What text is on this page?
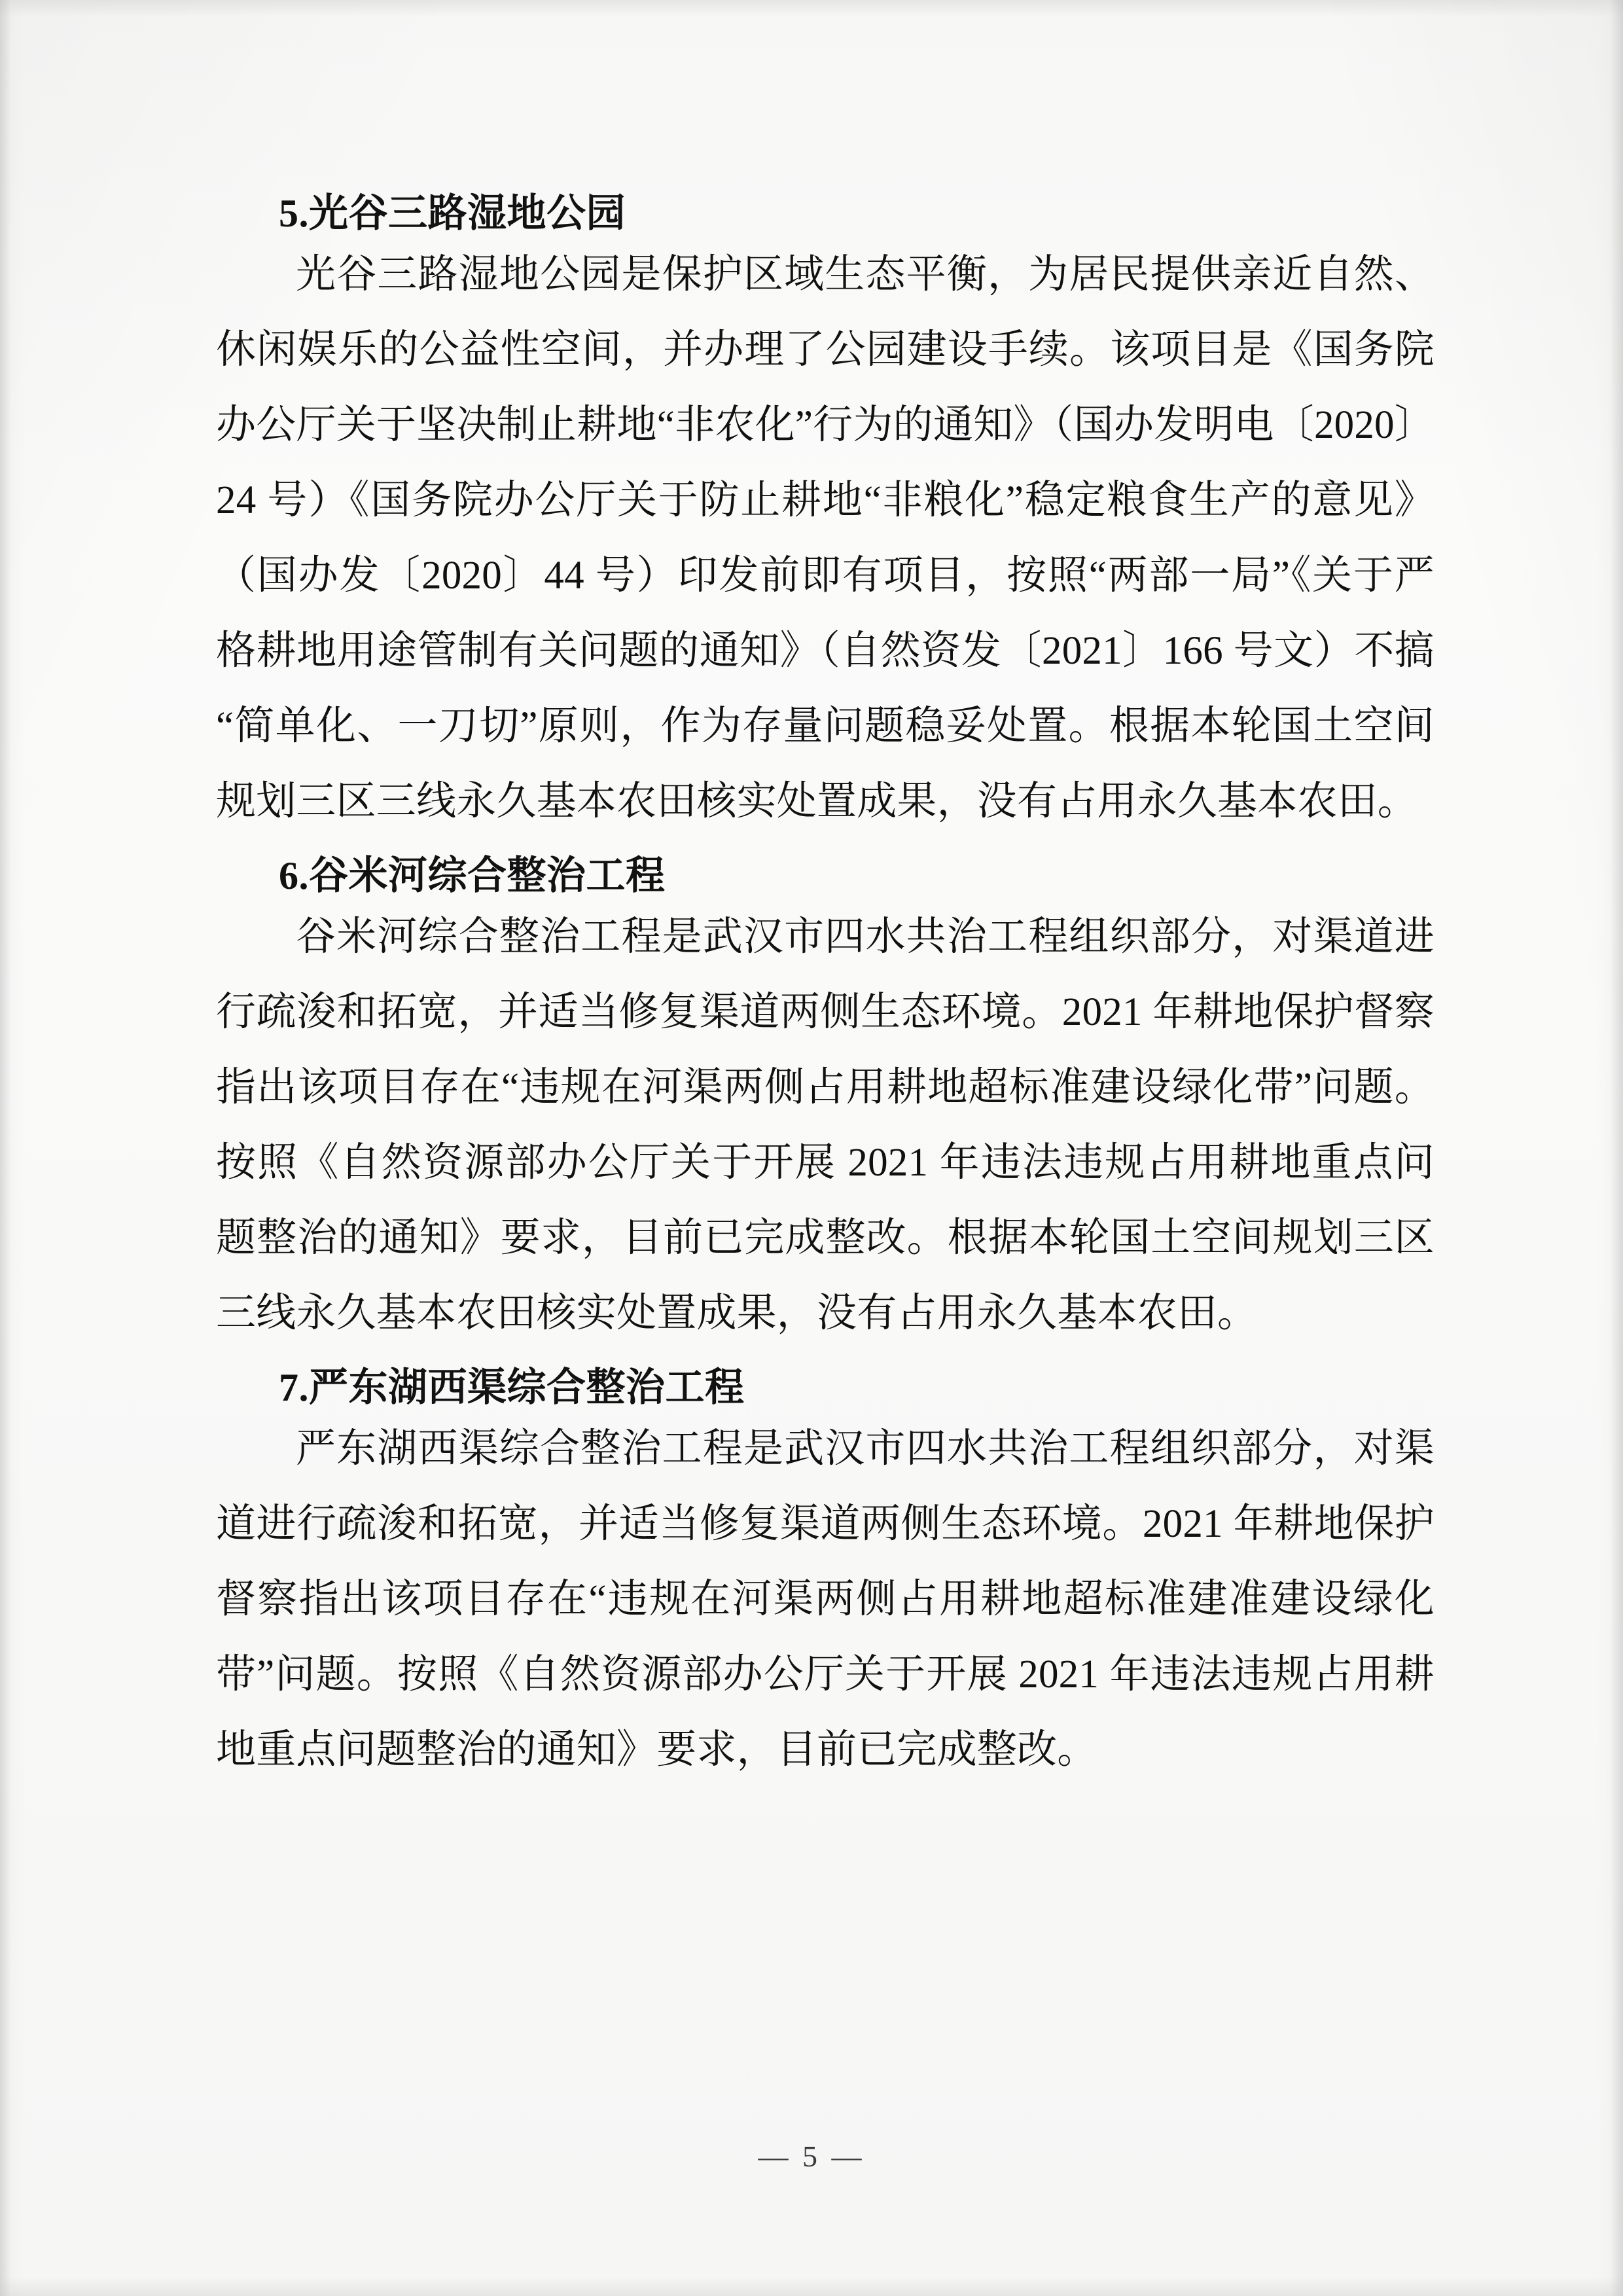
5.光谷三路湿地公园

光谷三路湿地公园是保护区域生态平衡，为居民提供亲近自然、休闲娱乐的公益性空间，并办理了公园建设手续。该项目是《国务院办公厅关于坚决制止耕地“非农化”行为的通知》（国办发明电〔2020〕24 号）《国务院办公厅关于防止耕地“非粮化”稳定粮食生产的意见》（国办发〔2020〕44 号）印发前即有项目，按照“两部一局”《关于严格耕地用途管制有关问题的通知》（自然资发〔2021〕166 号文）不搞“简单化、一刀切”原则，作为存量问题稳妥处置。根据本轮国土空间规划三区三线永久基本农田核实处置成果，没有占用永久基本农田。

6.谷米河综合整治工程

谷米河综合整治工程是武汉市四水共治工程组织部分，对渠道进行疏浚和拓宽，并适当修复渠道两侧生态环境。2021 年耕地保护督察指出该项目存在“违规在河渠两侧占用耕地超标准建设绿化带”问题。按照《自然资源部办公厅关于开展 2021 年违法违规占用耕地重点问题整治的通知》要求，目前已完成整改。根据本轮国土空间规划三区三线永久基本农田核实处置成果，没有占用永久基本农田。

7.严东湖西渠综合整治工程

严东湖西渠综合整治工程是武汉市四水共治工程组织部分，对渠道进行疏浚和拓宽，并适当修复渠道两侧生态环境。2021 年耕地保护督察指出该项目存在“违规在河渠两侧占用耕地超标准建准建设绿化带”问题。按照《自然资源部办公厅关于开展 2021 年违法违规占用耕地重点问题整治的通知》要求，目前已完成整改。

— 5 —
